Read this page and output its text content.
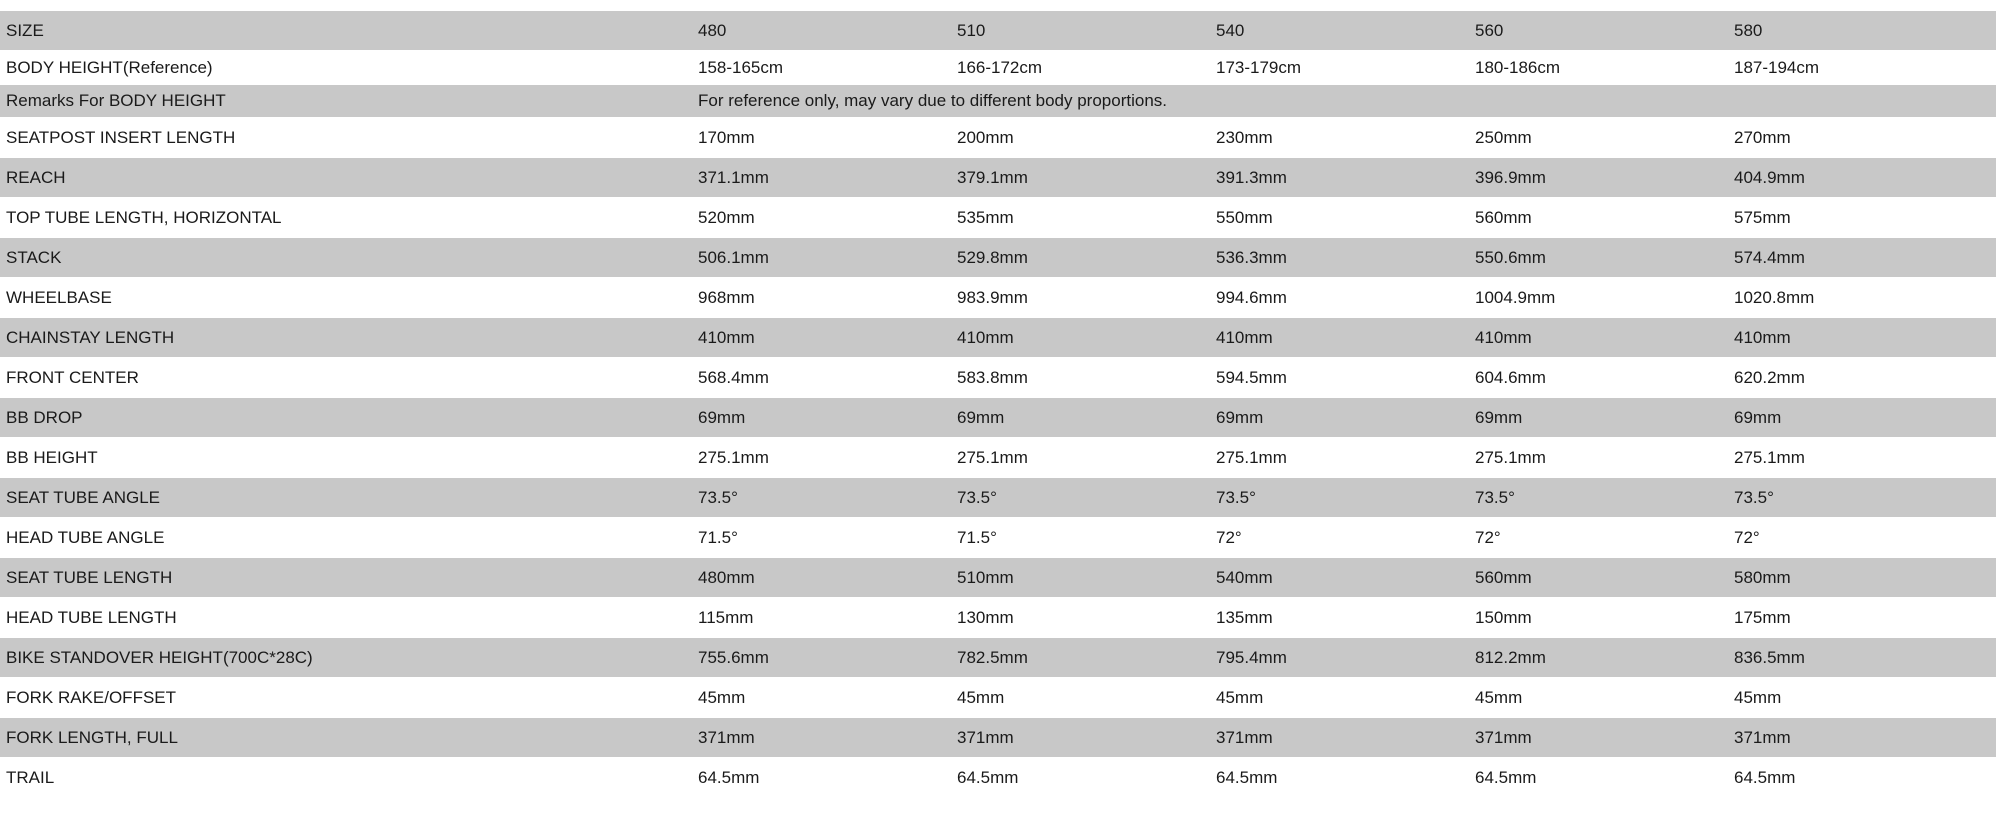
SIZE	480	510	540	560	580
BODY HEIGHT(Reference)	158-165cm	166-172cm	173-179cm	180-186cm	187-194cm
Remarks For BODY HEIGHT	For reference only, may vary due to different body proportions.				
SEATPOST INSERT LENGTH	170mm	200mm	230mm	250mm	270mm
REACH	371.1mm	379.1mm	391.3mm	396.9mm	404.9mm
TOP TUBE LENGTH, HORIZONTAL	520mm	535mm	550mm	560mm	575mm
STACK	506.1mm	529.8mm	536.3mm	550.6mm	574.4mm
WHEELBASE	968mm	983.9mm	994.6mm	1004.9mm	1020.8mm
CHAINSTAY LENGTH	410mm	410mm	410mm	410mm	410mm
FRONT CENTER	568.4mm	583.8mm	594.5mm	604.6mm	620.2mm
BB DROP	69mm	69mm	69mm	69mm	69mm
BB HEIGHT	275.1mm	275.1mm	275.1mm	275.1mm	275.1mm
SEAT TUBE ANGLE	73.5°	73.5°	73.5°	73.5°	73.5°
HEAD TUBE ANGLE	71.5°	71.5°	72°	72°	72°
SEAT TUBE LENGTH	480mm	510mm	540mm	560mm	580mm
HEAD TUBE LENGTH	115mm	130mm	135mm	150mm	175mm
BIKE STANDOVER HEIGHT(700C*28C)	755.6mm	782.5mm	795.4mm	812.2mm	836.5mm
FORK RAKE/OFFSET	45mm	45mm	45mm	45mm	45mm
FORK LENGTH, FULL	371mm	371mm	371mm	371mm	371mm
TRAIL	64.5mm	64.5mm	64.5mm	64.5mm	64.5mm
